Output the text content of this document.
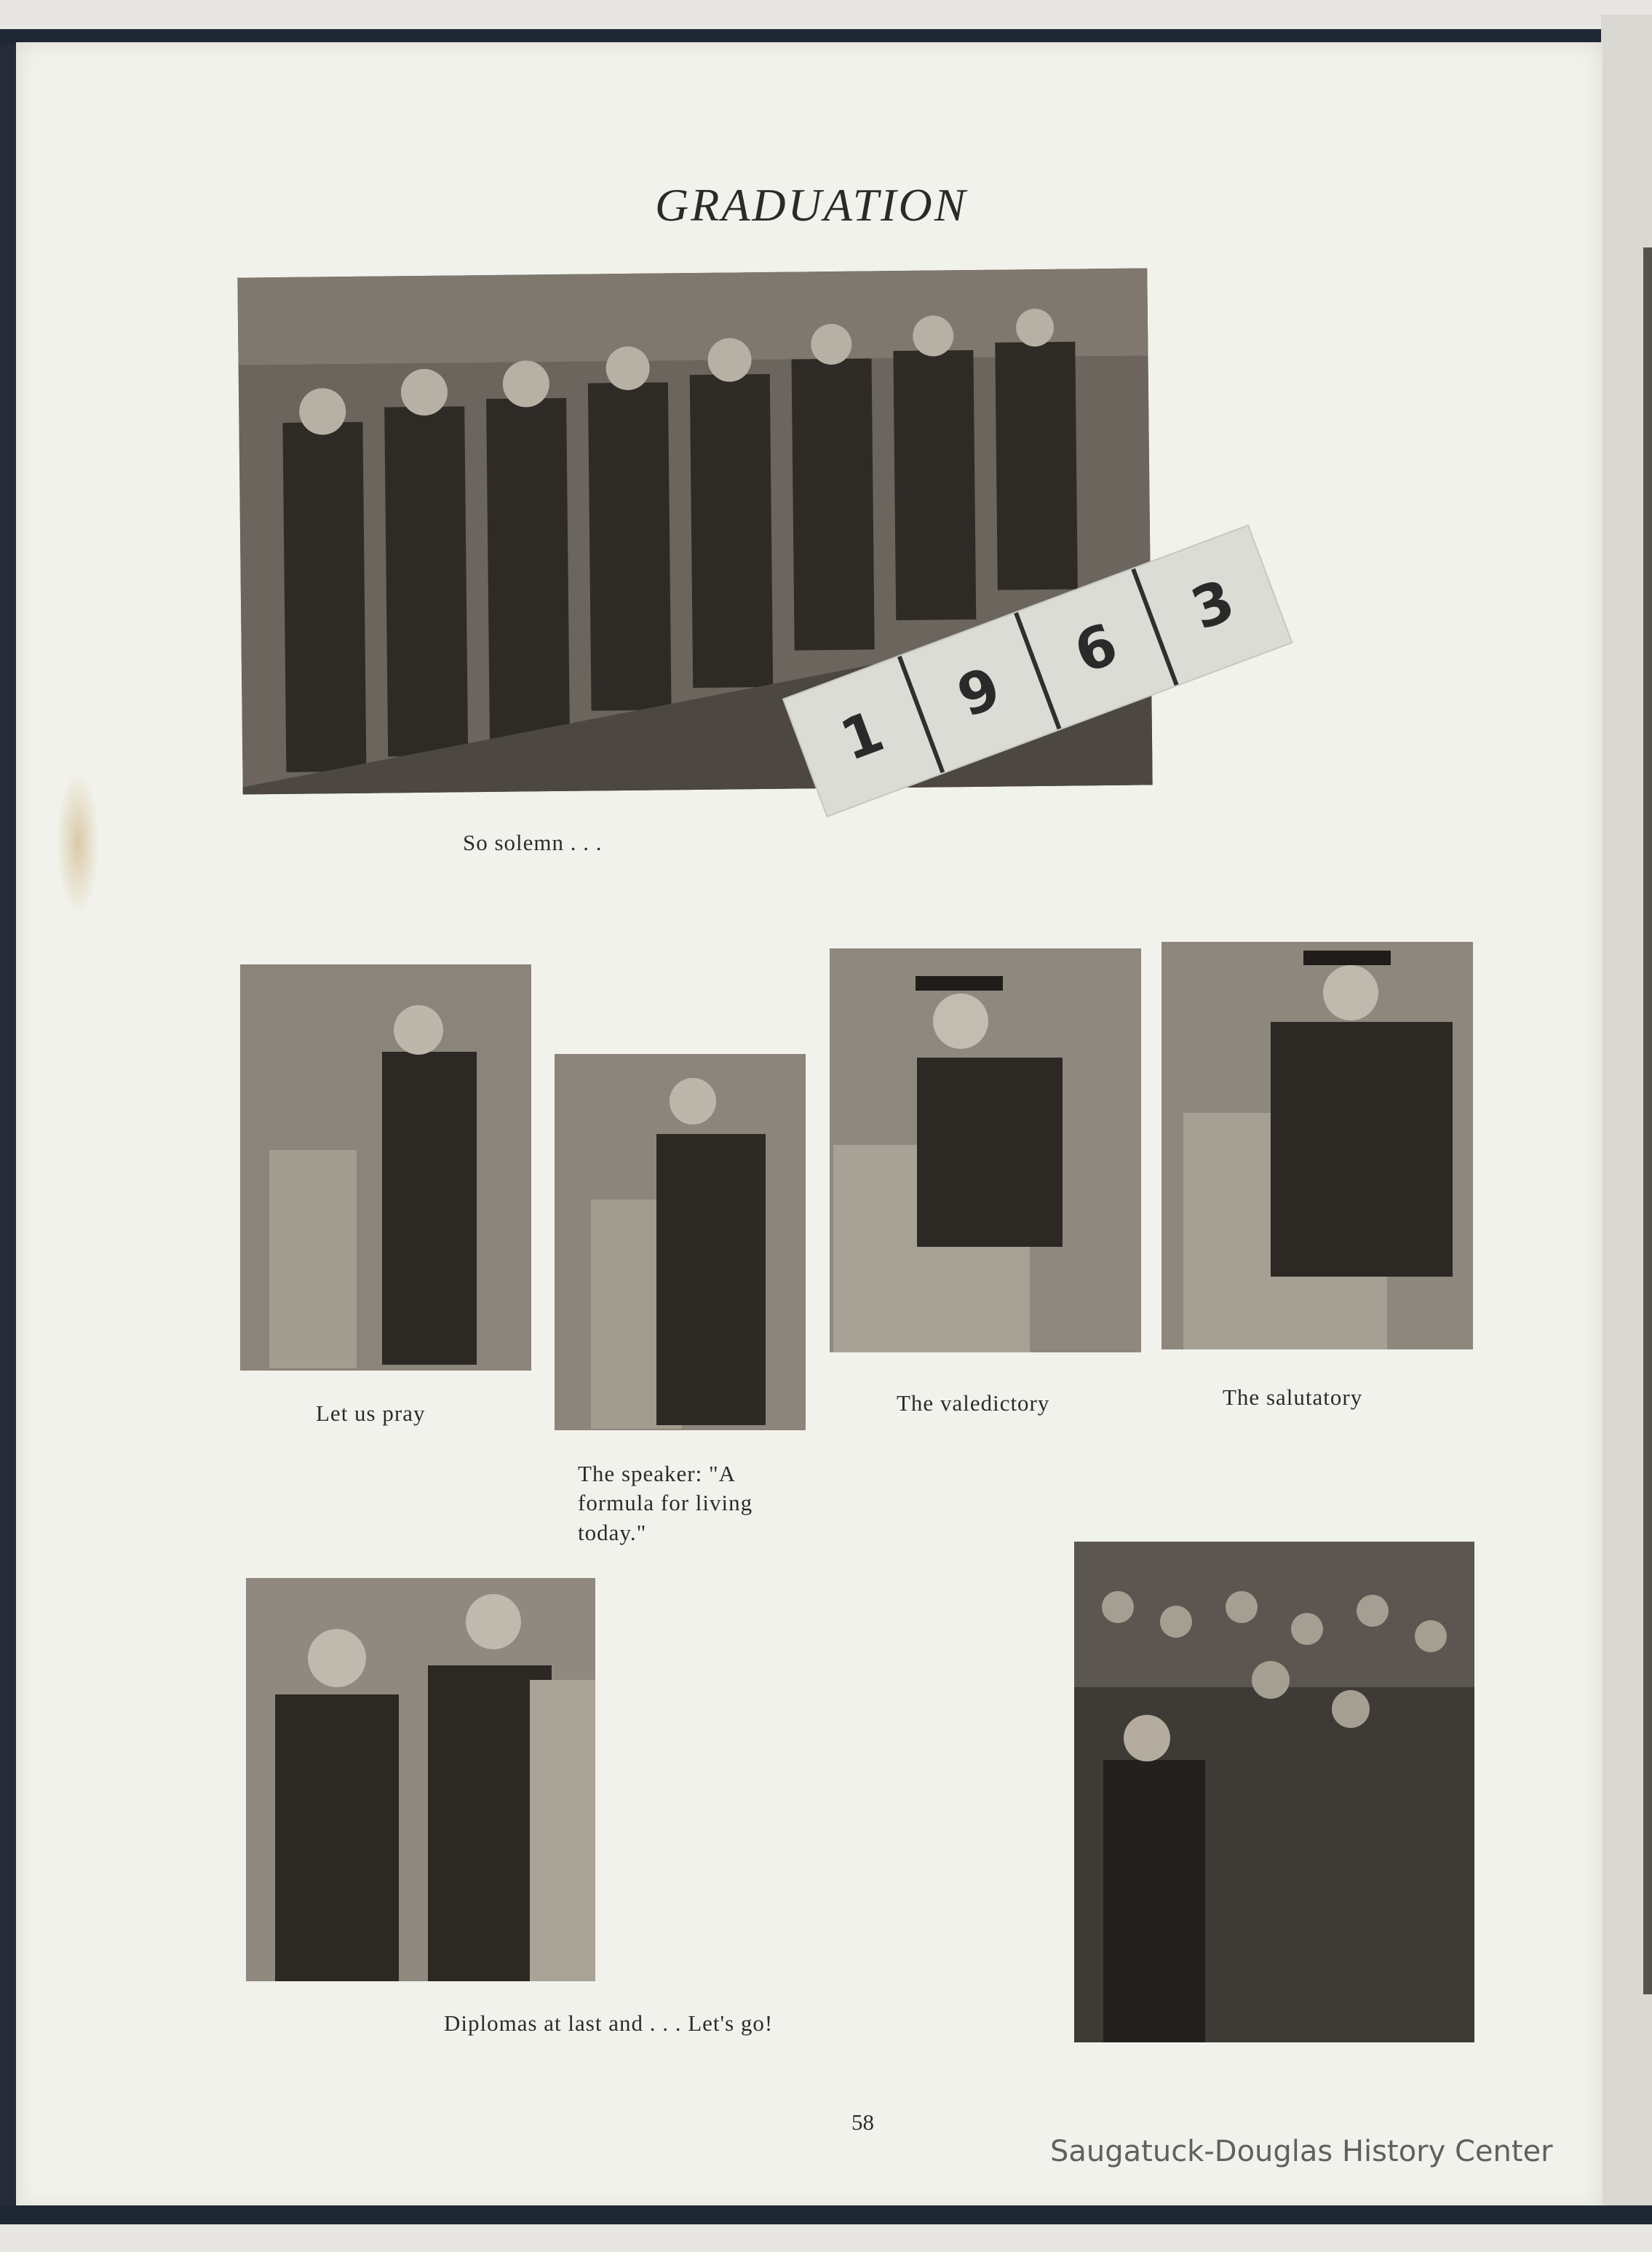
GRADUATION
So solemn . . .
1
9
6
3
Let us pray
The speaker: "A formula for living today."
The valedictory	The salutatory
Diplomas at last and . . . Let's go!
58
Saugatuck-Douglas History Center
